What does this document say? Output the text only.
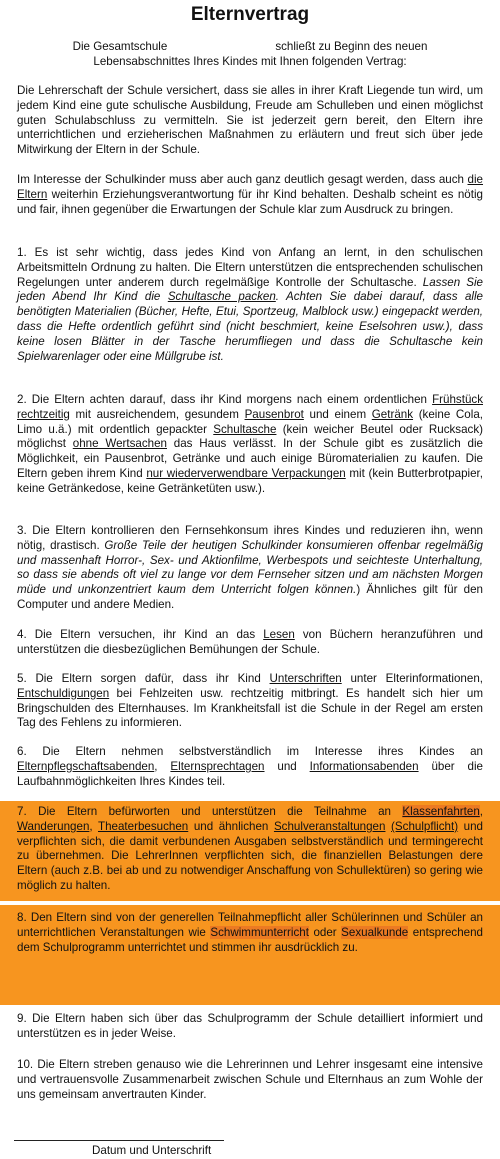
Elternvertrag
Die Gesamtschule	schließt zu Beginn des neuen
Lebensabschnittes Ihres Kindes mit Ihnen folgenden Vertrag:

Die Lehrerschaft der Schule versichert, dass sie alles in ihrer Kraft Liegende tun wird, um jedem Kind eine gute schulische Ausbildung, Freude am Schulleben und einen möglichst guten Schulabschluss zu vermitteln. Sie ist jederzeit gern bereit, den Eltern ihre unterrichtlichen und erzieherischen Maßnahmen zu erläutern und freut sich über jede Mitwirkung der Eltern in der Schule.

Im Interesse der Schulkinder muss aber auch ganz deutlich gesagt werden, dass auch die Eltern weiterhin Erziehungsverantwortung für ihr Kind behalten. Deshalb scheint es nötig und fair, ihnen gegenüber die Erwartungen der Schule klar zum Ausdruck zu bringen.

1. Es ist sehr wichtig, dass jedes Kind von Anfang an lernt, in den schulischen Arbeitsmitteln Ordnung zu halten. Die Eltern unterstützen die entsprechenden schulischen Regelungen unter anderem durch regelmäßige Kontrolle der Schultasche. Lassen Sie jeden Abend Ihr Kind die Schultasche packen. Achten Sie dabei darauf, dass alle benötigten Materialien (Bücher, Hefte, Etui, Sportzeug, Malblock usw.) eingepackt werden, dass die Hefte ordentlich geführt sind (nicht beschmiert, keine Eselsohren usw.), dass keine losen Blätter in der Tasche herumfliegen und dass die Schultasche kein Spielwarenlager oder eine Müllgrube ist.

2. Die Eltern achten darauf, dass ihr Kind morgens nach einem ordentlichen Frühstück rechtzeitig mit ausreichendem, gesundem Pausenbrot und einem Getränk (keine Cola, Limo u.ä.) mit ordentlich gepackter Schultasche (kein weicher Beutel oder Rucksack) möglichst ohne Wertsachen das Haus verlässt. In der Schule gibt es zusätzlich die Möglichkeit, ein Pausenbrot, Getränke und auch einige Büromaterialien zu kaufen. Die Eltern geben ihrem Kind nur wiederverwendbare Verpackungen mit (kein Butterbrotpapier, keine Getränkedose, keine Getränketüten usw.).

3. Die Eltern kontrollieren den Fernsehkonsum ihres Kindes und reduzieren ihn, wenn nötig, drastisch. Große Teile der heutigen Schulkinder konsumieren offenbar regelmäßig und massenhaft Horror-, Sex- und Aktionfilme, Werbespots und seichteste Unterhaltung, so dass sie abends oft viel zu lange vor dem Fernseher sitzen und am nächsten Morgen müde und unkonzentriert kaum dem Unterricht folgen können.) Ähnliches gilt für den Computer und andere Medien.

4. Die Eltern versuchen, ihr Kind an das Lesen von Büchern heranzuführen und unterstützen die diesbezüglichen Bemühungen der Schule.

5. Die Eltern sorgen dafür, dass ihr Kind Unterschriften unter Elterinformationen, Entschuldigungen bei Fehlzeiten usw. rechtzeitig mitbringt. Es handelt sich hier um Bringschulden des Elternhauses. Im Krankheitsfall ist die Schule in der Regel am ersten Tag des Fehlens zu informieren.

6. Die Eltern nehmen selbstverständlich im Interesse ihres Kindes an Elternpflegschaftsabenden, Elternsprechtagen und Informationsabenden über die Laufbahnmöglichkeiten Ihres Kindes teil.

7. Die Eltern befürworten und unterstützen die Teilnahme an Klassenfahrten, Wanderungen, Theaterbesuchen und ähnlichen Schulveranstaltungen (Schulpflicht) und verpflichten sich, die damit verbundenen Ausgaben selbstverständlich und termingerecht zu übernehmen. Die LehrerInnen verpflichten sich, die finanziellen Belastungen dere Eltern (auch z.B. bei ab und zu notwendiger Anschaffung von Schullektüren) so gering wie möglich zu halten.

8. Den Eltern sind von der generellen Teilnahmepflicht aller Schülerinnen und Schüler an unterrichtlichen Veranstaltungen wie Schwimmunterricht oder Sexualkunde entsprechend dem Schulprogramm unterrichtet und stimmen ihr ausdrücklich zu.

9. Die Eltern haben sich über das Schulprogramm der Schule detailliert informiert und unterstützen es in jeder Weise.

10. Die Eltern streben genauso wie die Lehrerinnen und Lehrer insgesamt eine intensive und vertrauensvolle Zusammenarbeit zwischen Schule und Elternhaus an zum Wohle der uns gemeinsam anvertrauten Kinder.

Datum und Unterschrift
